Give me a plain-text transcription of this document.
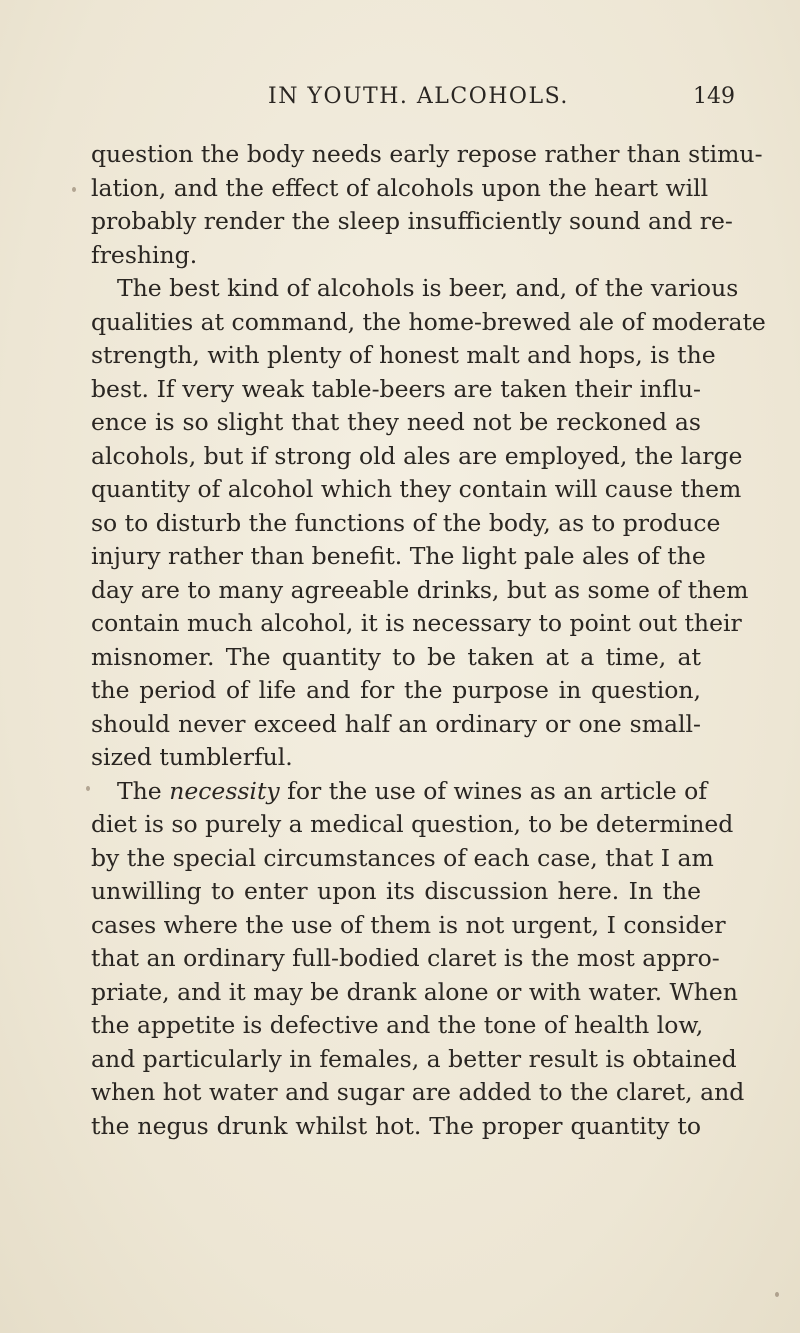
IN YOUTH. ALCOHOLS.	149
question the body needs early repose rather than stimu-
lation, and the effect of alcohols upon the heart will
probably render the sleep insufficiently sound and re-
freshing.
The best kind of alcohols is beer, and, of the various
qualities at command, the home-brewed ale of moderate
strength, with plenty of honest malt and hops, is the
best. If very weak table-beers are taken their influ-
ence is so slight that they need not be reckoned as
alcohols, but if strong old ales are employed, the large
quantity of alcohol which they contain will cause them
so to disturb the functions of the body, as to produce
injury rather than benefit. The light pale ales of the
day are to many agreeable drinks, but as some of them
contain much alcohol, it is necessary to point out their
misnomer. The quantity to be taken at a time, at
the period of life and for the purpose in question,
should never exceed half an ordinary or one small-
sized tumblerful.
The necessity for the use of wines as an article of
diet is so purely a medical question, to be determined
by the special circumstances of each case, that I am
unwilling to enter upon its discussion here. In the
cases where the use of them is not urgent, I consider
that an ordinary full-bodied claret is the most appro-
priate, and it may be drank alone or with water. When
the appetite is defective and the tone of health low,
and particularly in females, a better result is obtained
when hot water and sugar are added to the claret, and
the negus drunk whilst hot. The proper quantity to
